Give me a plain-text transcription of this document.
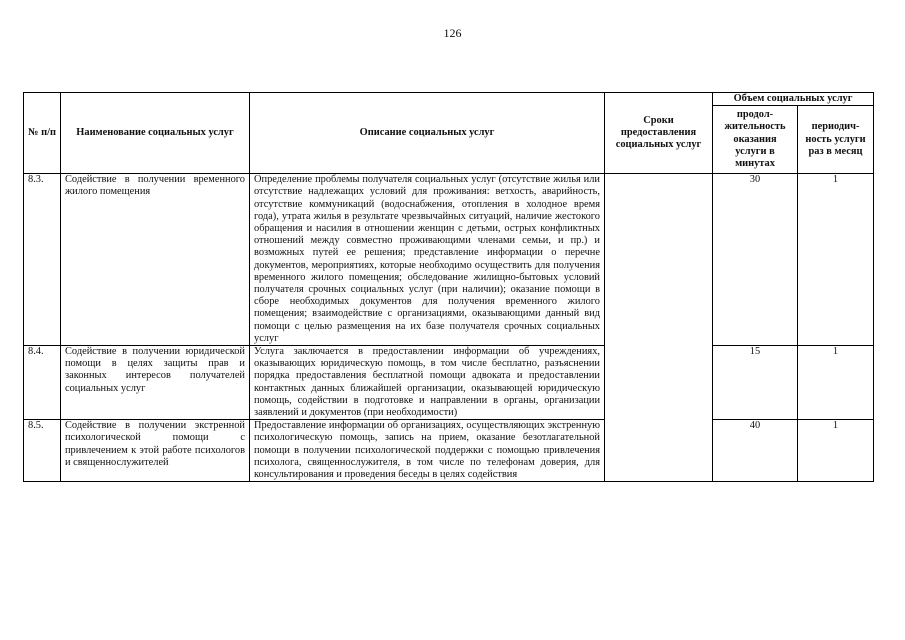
126
№ п/п	Наименование социальных услуг	Описание социальных услуг	Сроки предоставления социальных услуг	Объем социальных услуг	
				продол-жительность оказания услуги в минутах	периодич-ность услуги раз в месяц
8.3.	Содействие в получении временного жилого помещения	Определение проблемы получателя социальных услуг (отсутствие жилья или отсутствие надлежащих условий для проживания: ветхость, аварийность, отсутствие коммуникаций (водоснабжения, отопления в холодное время года), утрата жилья в результате чрезвычайных ситуаций, наличие жестокого обращения и насилия в отношении женщин с детьми, острых конфликтных отношений между совместно проживающими членами семьи, и пр.) и возможных путей ее решения; представление информации о перечне документов, мероприятиях, которые необходимо осуществить для получения временного жилого помещения; обследование жилищно-бытовых условий получателя срочных социальных услуг (при наличии); оказание помощи в сборе необходимых документов для получения временного жилого помещения; взаимодействие с организациями, оказывающими данный вид помощи с целью размещения на их базе получателя срочных социальных услуг		30	1
8.4.	Содействие в получении юридической помощи в целях защиты прав и законных интересов получателей социальных услуг	Услуга заключается в предоставлении информации об учреждениях, оказывающих юридическую помощь, в том числе бесплатно, разъяснении порядка предоставления бесплатной помощи адвоката и предоставлении контактных данных ближайшей организации, оказывающей юридическую помощь, содействии в подготовке и направлении в органы, организации заявлений и документов (при необходимости)		15	1
8.5.	Содействие в получении экстренной психологической помощи с привлечением к этой работе психологов и священнослужителей	Предоставление информации об организациях, осуществляющих экстренную психологическую помощь, запись на прием, оказание безотлагательной помощи в получении психологической поддержки с помощью привлечения психолога, священнослужителя, в том числе по телефонам доверия, для консультирования и проведения беседы в целях содействия		40	1
